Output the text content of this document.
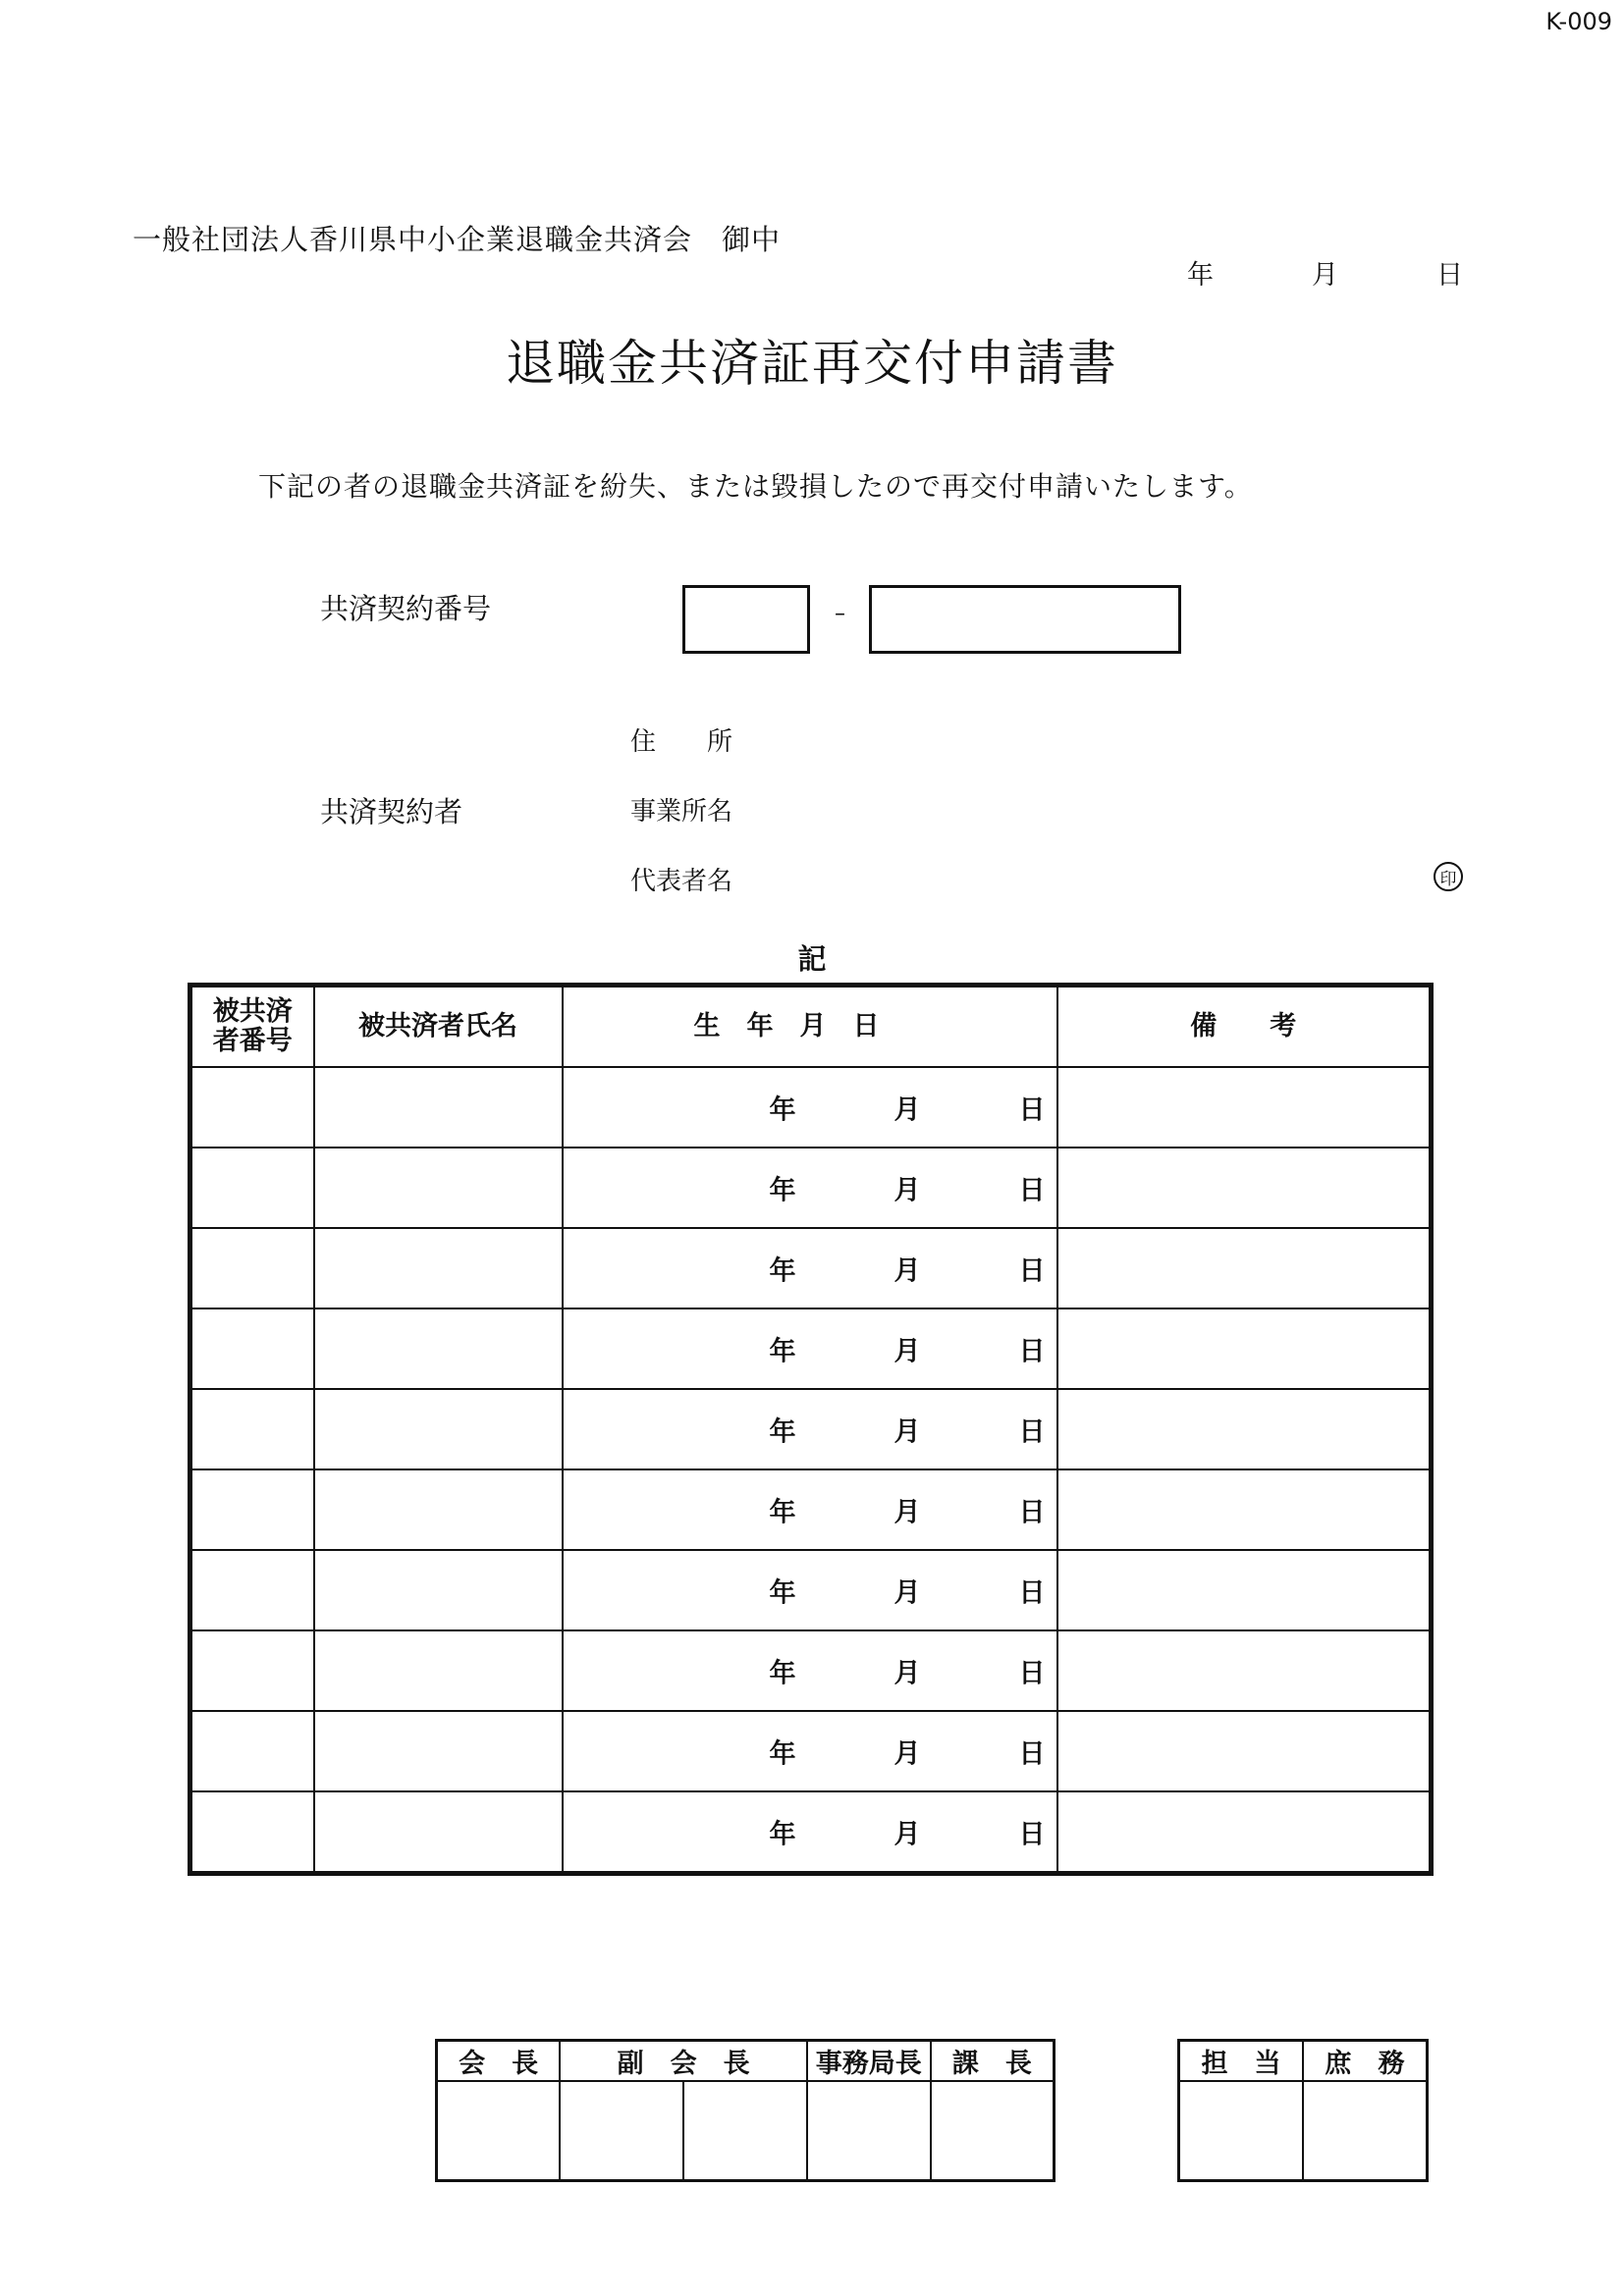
K-009
一般社団法人香川県中小企業退職金共済会　御中
年	月	日
退職金共済証再交付申請書
下記の者の退職金共済証を紛失、または毀損したので再交付申請いたします。
共済契約番号	–
住　　所
共済契約者	事業所名
代表者名	印
記
被共済
者番号	被共済者氏名	生　年　月　日	備　　考

		年 月 日	

		年 月 日	

		年 月 日	

		年 月 日	

		年 月 日	

		年 月 日	

		年 月 日	

		年 月 日	

		年 月 日	

		年 月 日	

会　長	副　会　長		事務局長	課　長
					担　当	庶　務
